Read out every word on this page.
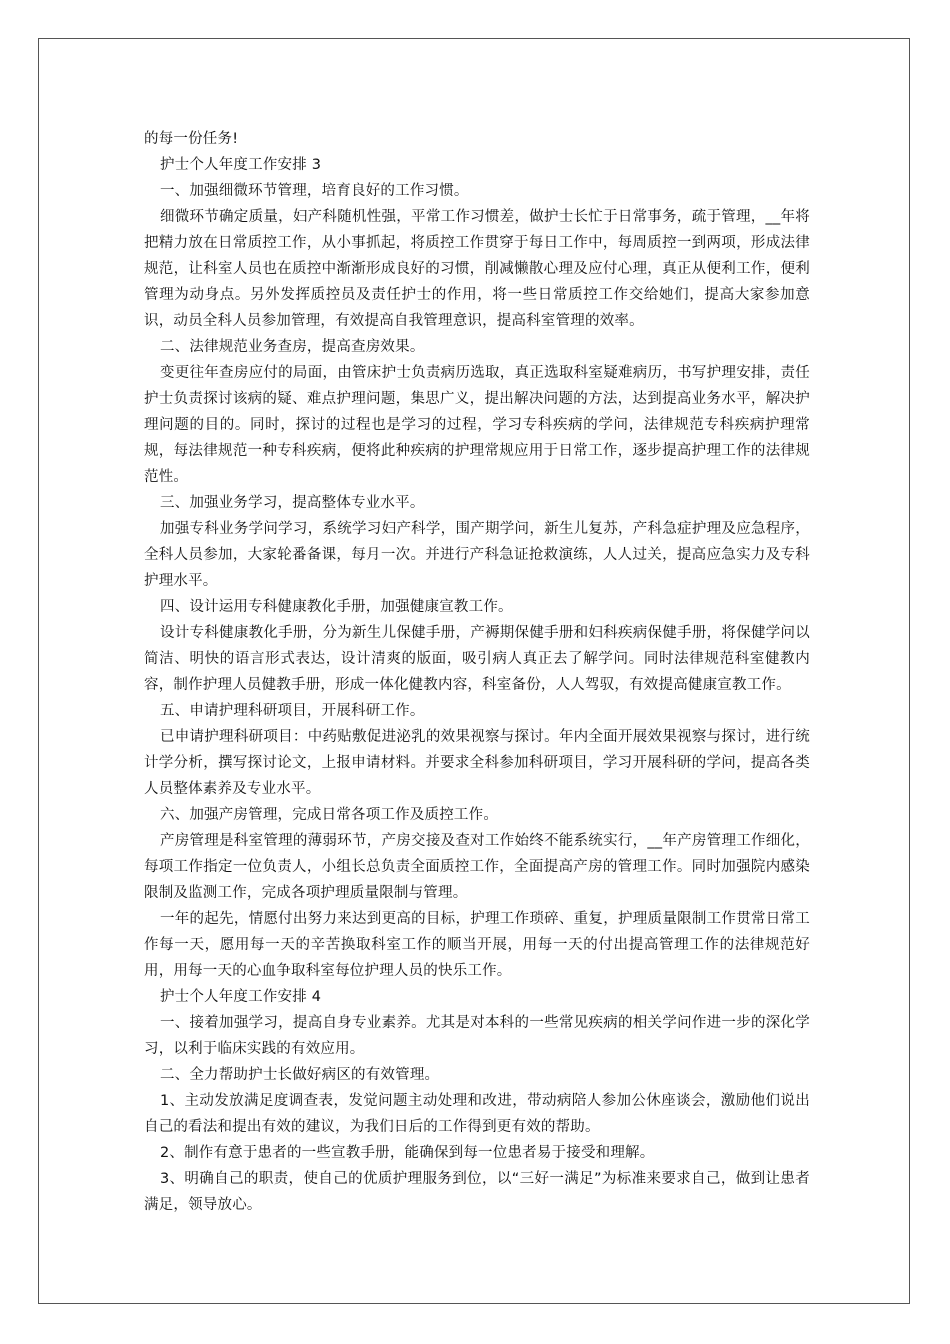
的每一份任务!

护士个人年度工作安排 3

一、加强细微环节管理，培育良好的工作习惯。

细微环节确定质量，妇产科随机性强，平常工作习惯差，做护士长忙于日常事务，疏于管理，__年将把精力放在日常质控工作，从小事抓起，将质控工作贯穿于每日工作中，每周质控一到两项，形成法律规范，让科室人员也在质控中渐渐形成良好的习惯，削减懒散心理及应付心理，真正从便利工作，便利管理为动身点。另外发挥质控员及责任护士的作用，将一些日常质控工作交给她们，提高大家参加意识，动员全科人员参加管理，有效提高自我管理意识，提高科室管理的效率。

二、法律规范业务查房，提高查房效果。

变更往年查房应付的局面，由管床护士负责病历选取，真正选取科室疑难病历，书写护理安排，责任护士负责探讨该病的疑、难点护理问题，集思广义，提出解决问题的方法，达到提高业务水平，解决护理问题的目的。同时，探讨的过程也是学习的过程，学习专科疾病的学问，法律规范专科疾病护理常规，每法律规范一种专科疾病，便将此种疾病的护理常规应用于日常工作，逐步提高护理工作的法律规范性。

三、加强业务学习，提高整体专业水平。

加强专科业务学问学习，系统学习妇产科学，围产期学问，新生儿复苏，产科急症护理及应急程序，全科人员参加，大家轮番备课，每月一次。并进行产科急证抢救演练，人人过关，提高应急实力及专科护理水平。

四、设计运用专科健康教化手册，加强健康宣教工作。

设计专科健康教化手册，分为新生儿保健手册，产褥期保健手册和妇科疾病保健手册，将保健学问以简洁、明快的语言形式表达，设计清爽的版面，吸引病人真正去了解学问。同时法律规范科室健教内容，制作护理人员健教手册，形成一体化健教内容，科室备份，人人驾驭，有效提高健康宣教工作。

五、申请护理科研项目，开展科研工作。

已申请护理科研项目：中药贴敷促进泌乳的效果视察与探讨。年内全面开展效果视察与探讨，进行统计学分析，撰写探讨论文，上报申请材料。并要求全科参加科研项目，学习开展科研的学问，提高各类人员整体素养及专业水平。

六、加强产房管理，完成日常各项工作及质控工作。

产房管理是科室管理的薄弱环节，产房交接及查对工作始终不能系统实行，__年产房管理工作细化，每项工作指定一位负责人，小组长总负责全面质控工作，全面提高产房的管理工作。同时加强院内感染限制及监测工作，完成各项护理质量限制与管理。

一年的起先，情愿付出努力来达到更高的目标，护理工作琐碎、重复，护理质量限制工作贯常日常工作每一天，愿用每一天的辛苦换取科室工作的顺当开展，用每一天的付出提高管理工作的法律规范好用，用每一天的心血争取科室每位护理人员的快乐工作。

护士个人年度工作安排 4

一、接着加强学习，提高自身专业素养。尤其是对本科的一些常见疾病的相关学问作进一步的深化学习，以利于临床实践的有效应用。

二、全力帮助护士长做好病区的有效管理。

1、主动发放满足度调查表，发觉问题主动处理和改进，带动病陪人参加公休座谈会，激励他们说出自己的看法和提出有效的建议，为我们日后的工作得到更有效的帮助。

2、制作有意于患者的一些宣教手册，能确保到每一位患者易于接受和理解。

3、明确自己的职责，使自己的优质护理服务到位，以“三好一满足”为标准来要求自己，做到让患者满足，领导放心。
